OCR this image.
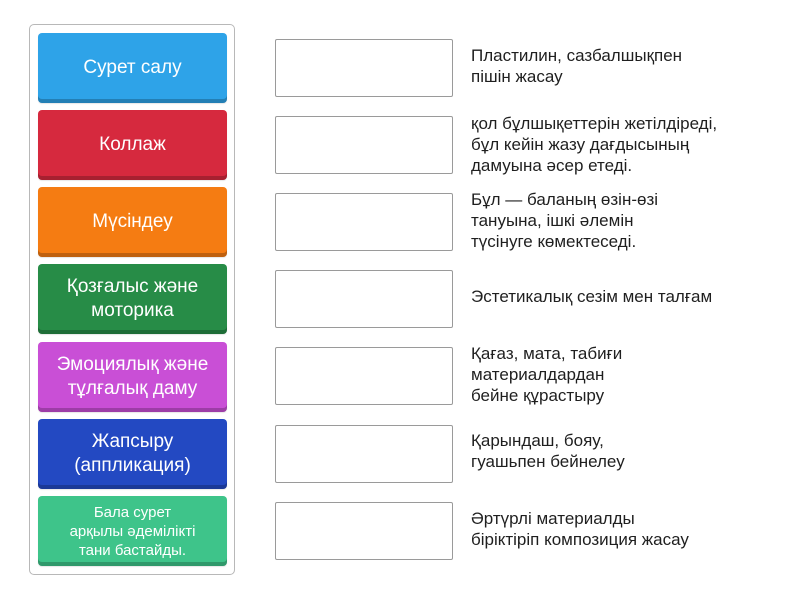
Сурет салу
Коллаж
Мүсіндеу
Қозғалыс және
моторика
Эмоциялық және
тұлғалық даму
Жапсыру
(аппликация)
Бала сурет
арқылы әдемілікті
тани бастайды.
Пластилин, сазбалшықпен
пішін жасау
қол бұлшықеттерін жетілдіреді,
бұл кейін жазу дағдысының
дамуына әсер етеді.
Бұл — баланың өзін-өзі
тануына, ішкі әлемін
түсінуге көмектеседі.
Эстетикалық сезім мен талғам
Қағаз, мата, табиғи
материалдардан
бейне құрастыру
Қарындаш, бояу,
гуашьпен бейнелеу
Әртүрлі материалды
біріктіріп композиция жасау
